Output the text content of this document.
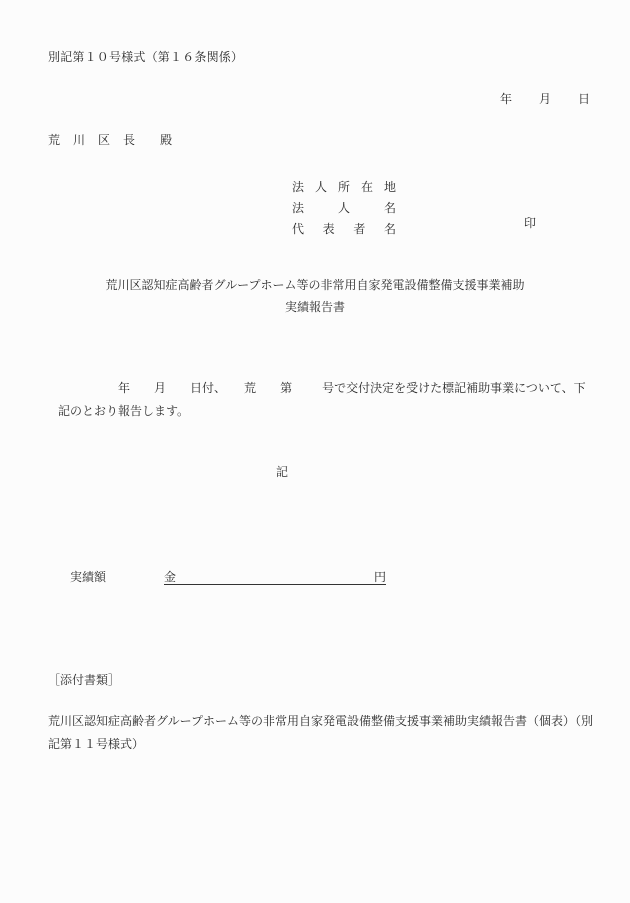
別記第１０号様式（第１６条関係）
年 月 日
荒 川 区 長 殿
法 人 所 在 地
法	人	名
代 表 者 名	印
荒川区認知症高齢者グループホーム等の非常用自家発電設備整備支援事業補助
実績報告書
年 月 日付、 荒 第	号で交付決定を受けた標記補助事業について、下
記のとおり報告します。
記
実績額	金	円
［添付書類］
荒川区認知症高齢者グループホーム等の非常用自家発電設備整備支援事業補助実績報告書（個表）（別
記第１１号様式）
